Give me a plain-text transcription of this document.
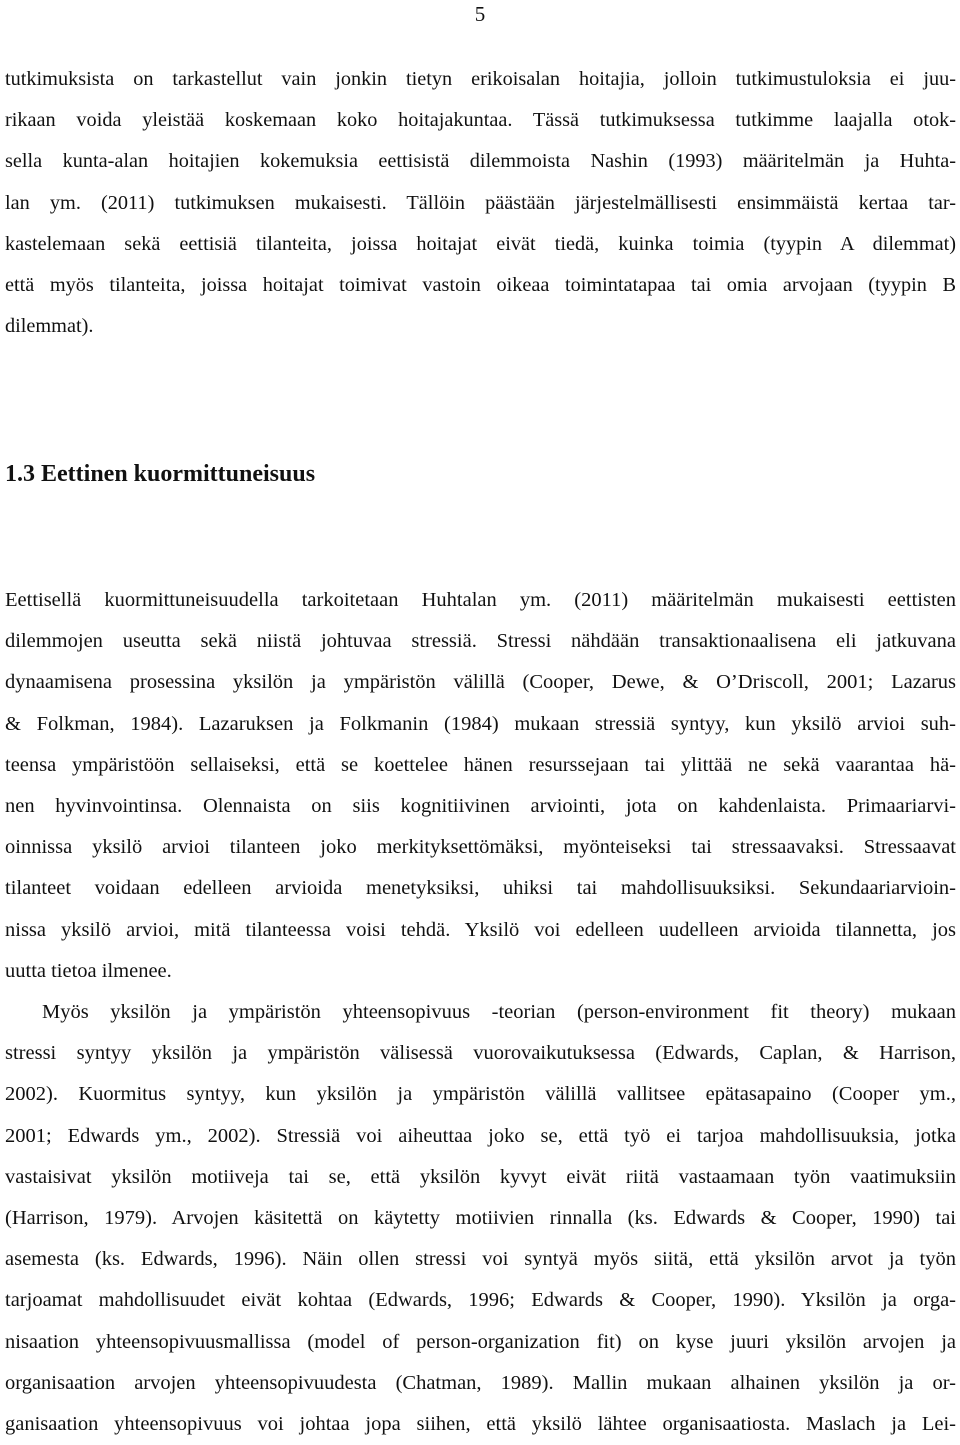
5
tutkimuksista on tarkastellut vain jonkin tietyn erikoisalan hoitajia, jolloin tutkimustuloksia ei juu-
rikaan voida yleistää koskemaan koko hoitajakuntaa. Tässä tutkimuksessa tutkimme laajalla otok-
sella kunta-alan hoitajien kokemuksia eettisistä dilemmoista Nashin (1993) määritelmän ja Huhta-
lan ym. (2011) tutkimuksen mukaisesti. Tällöin päästään järjestelmällisesti ensimmäistä kertaa tar-
kastelemaan sekä eettisiä tilanteita, joissa hoitajat eivät tiedä, kuinka toimia (tyypin A dilemmat)
että myös tilanteita, joissa hoitajat toimivat vastoin oikeaa toimintatapaa tai omia arvojaan (tyypin B
dilemmat).
1.3 Eettinen kuormittuneisuus
Eettisellä kuormittuneisuudella tarkoitetaan Huhtalan ym. (2011) määritelmän mukaisesti eettisten
dilemmojen useutta sekä niistä johtuvaa stressiä. Stressi nähdään transaktionaalisena eli jatkuvana
dynaamisena prosessina yksilön ja ympäristön välillä (Cooper, Dewe, & O’Driscoll, 2001; Lazarus
& Folkman, 1984). Lazaruksen ja Folkmanin (1984) mukaan stressiä syntyy, kun yksilö arvioi suh-
teensa ympäristöön sellaiseksi, että se koettelee hänen resurssejaan tai ylittää ne sekä vaarantaa hä-
nen hyvinvointinsa. Olennaista on siis kognitiivinen arviointi, jota on kahdenlaista. Primaariarvi-
oinnissa yksilö arvioi tilanteen joko merkityksettömäksi, myönteiseksi tai stressaavaksi. Stressaavat
tilanteet voidaan edelleen arvioida menetyksiksi, uhiksi tai mahdollisuuksiksi. Sekundaariarvioin-
nissa yksilö arvioi, mitä tilanteessa voisi tehdä. Yksilö voi edelleen uudelleen arvioida tilannetta, jos
uutta tietoa ilmenee.
Myös yksilön ja ympäristön yhteensopivuus -teorian (person-environment fit theory) mukaan
stressi syntyy yksilön ja ympäristön välisessä vuorovaikutuksessa (Edwards, Caplan, & Harrison,
2002). Kuormitus syntyy, kun yksilön ja ympäristön välillä vallitsee epätasapaino (Cooper ym.,
2001; Edwards ym., 2002). Stressiä voi aiheuttaa joko se, että työ ei tarjoa mahdollisuuksia, jotka
vastaisivat yksilön motiiveja tai se, että yksilön kyvyt eivät riitä vastaamaan työn vaatimuksiin
(Harrison, 1979). Arvojen käsitettä on käytetty motiivien rinnalla (ks. Edwards & Cooper, 1990) tai
asemesta (ks. Edwards, 1996). Näin ollen stressi voi syntyä myös siitä, että yksilön arvot ja työn
tarjoamat mahdollisuudet eivät kohtaa (Edwards, 1996; Edwards & Cooper, 1990). Yksilön ja orga-
nisaation yhteensopivuusmallissa (model of person-organization fit) on kyse juuri yksilön arvojen ja
organisaation arvojen yhteensopivuudesta (Chatman, 1989). Mallin mukaan alhainen yksilön ja or-
ganisaation yhteensopivuus voi johtaa jopa siihen, että yksilö lähtee organisaatiosta. Maslach ja Lei-
